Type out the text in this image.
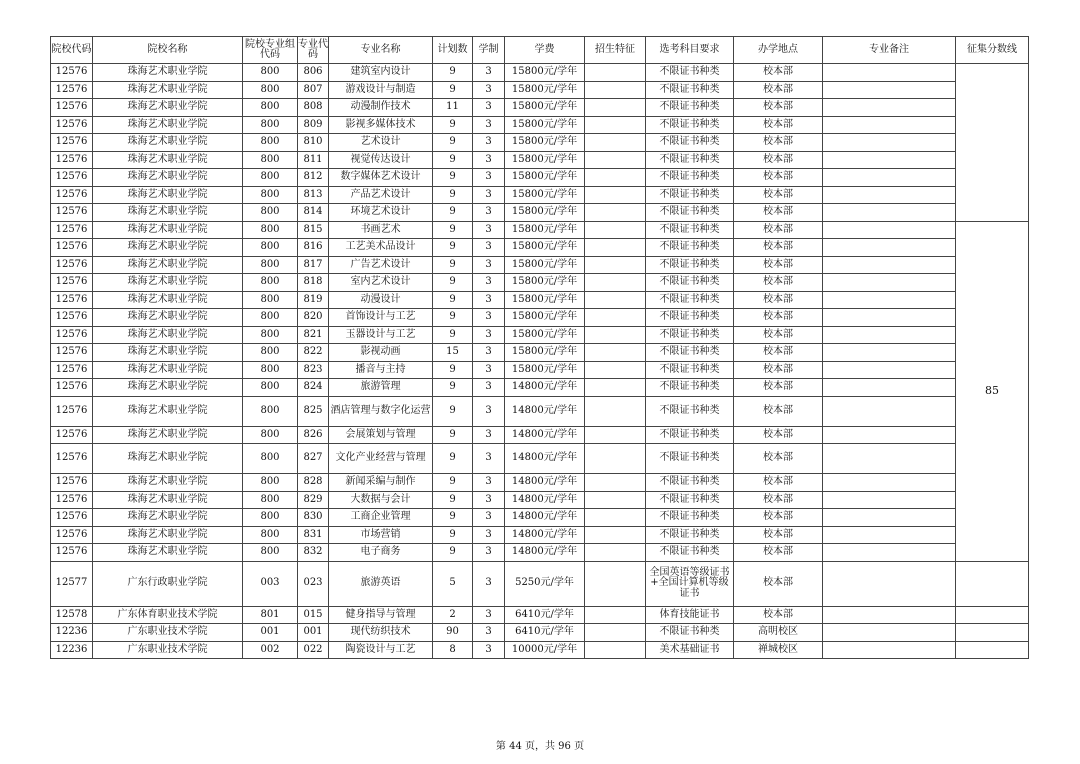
院校代码	院校名称	院校专业组代码	专业代码	专业名称	计划数	学制	学费	招生特征	选考科目要求	办学地点	专业备注	征集分数线
12576	珠海艺术职业学院	800	806	建筑室内设计	9	3	15800元/学年		不限证书种类	校本部		
12576	珠海艺术职业学院	800	807	游戏设计与制造	9	3	15800元/学年		不限证书种类	校本部		
12576	珠海艺术职业学院	800	808	动漫制作技术	11	3	15800元/学年		不限证书种类	校本部		
12576	珠海艺术职业学院	800	809	影视多媒体技术	9	3	15800元/学年		不限证书种类	校本部		
12576	珠海艺术职业学院	800	810	艺术设计	9	3	15800元/学年		不限证书种类	校本部		
12576	珠海艺术职业学院	800	811	视觉传达设计	9	3	15800元/学年		不限证书种类	校本部		
12576	珠海艺术职业学院	800	812	数字媒体艺术设计	9	3	15800元/学年		不限证书种类	校本部		
12576	珠海艺术职业学院	800	813	产品艺术设计	9	3	15800元/学年		不限证书种类	校本部		
12576	珠海艺术职业学院	800	814	环境艺术设计	9	3	15800元/学年		不限证书种类	校本部		
12576	珠海艺术职业学院	800	815	书画艺术	9	3	15800元/学年		不限证书种类	校本部		85
12576	珠海艺术职业学院	800	816	工艺美术品设计	9	3	15800元/学年		不限证书种类	校本部		
12576	珠海艺术职业学院	800	817	广告艺术设计	9	3	15800元/学年		不限证书种类	校本部		
12576	珠海艺术职业学院	800	818	室内艺术设计	9	3	15800元/学年		不限证书种类	校本部		
12576	珠海艺术职业学院	800	819	动漫设计	9	3	15800元/学年		不限证书种类	校本部		
12576	珠海艺术职业学院	800	820	首饰设计与工艺	9	3	15800元/学年		不限证书种类	校本部		
12576	珠海艺术职业学院	800	821	玉器设计与工艺	9	3	15800元/学年		不限证书种类	校本部		
12576	珠海艺术职业学院	800	822	影视动画	15	3	15800元/学年		不限证书种类	校本部		
12576	珠海艺术职业学院	800	823	播音与主持	9	3	15800元/学年		不限证书种类	校本部		
12576	珠海艺术职业学院	800	824	旅游管理	9	3	14800元/学年		不限证书种类	校本部		
12576	珠海艺术职业学院	800	825	酒店管理与数字化运营	9	3	14800元/学年		不限证书种类	校本部		
12576	珠海艺术职业学院	800	826	会展策划与管理	9	3	14800元/学年		不限证书种类	校本部		
12576	珠海艺术职业学院	800	827	文化产业经营与管理	9	3	14800元/学年		不限证书种类	校本部		
12576	珠海艺术职业学院	800	828	新闻采编与制作	9	3	14800元/学年		不限证书种类	校本部		
12576	珠海艺术职业学院	800	829	大数据与会计	9	3	14800元/学年		不限证书种类	校本部		
12576	珠海艺术职业学院	800	830	工商企业管理	9	3	14800元/学年		不限证书种类	校本部		
12576	珠海艺术职业学院	800	831	市场营销	9	3	14800元/学年		不限证书种类	校本部		
12576	珠海艺术职业学院	800	832	电子商务	9	3	14800元/学年		不限证书种类	校本部		
12577	广东行政职业学院	003	023	旅游英语	5	3	5250元/学年		全国英语等级证书+全国计算机等级证书	校本部		
12578	广东体育职业技术学院	801	015	健身指导与管理	2	3	6410元/学年		体育技能证书	校本部		
12236	广东职业技术学院	001	001	现代纺织技术	90	3	6410元/学年		不限证书种类	高明校区		
12236	广东职业技术学院	002	022	陶瓷设计与工艺	8	3	10000元/学年		美术基础证书	禅城校区		
第 44 页，共 96 页
